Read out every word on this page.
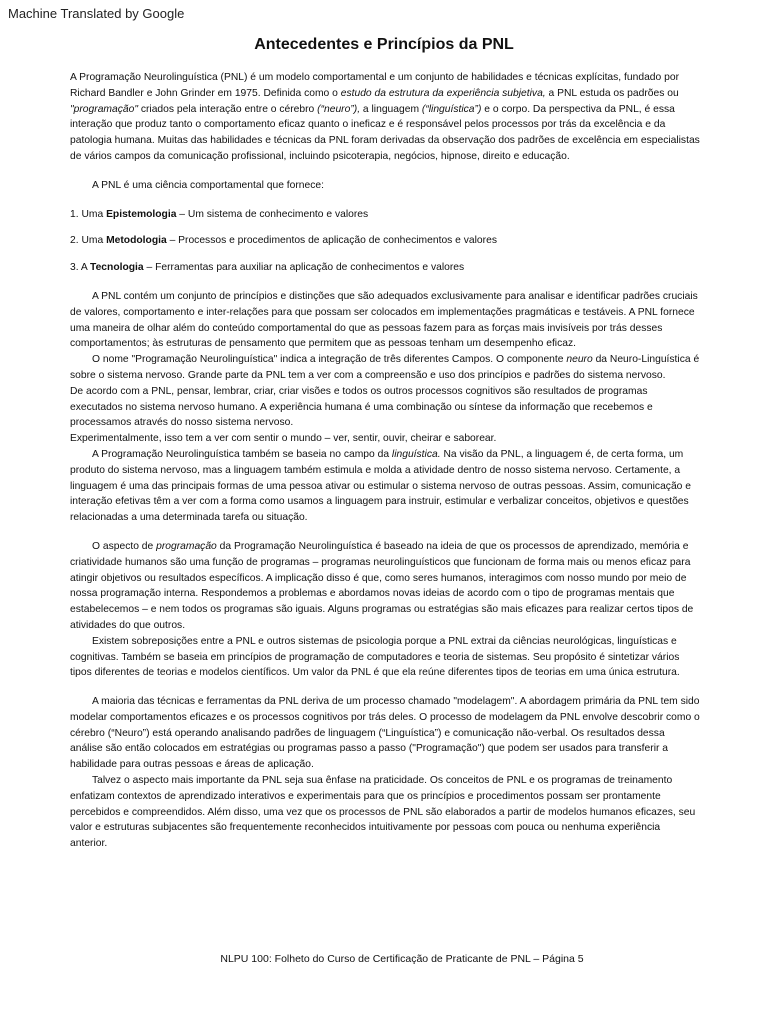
Machine Translated by Google
Antecedentes e Princípios da PNL

A Programação Neurolinguística (PNL) é um modelo comportamental e um conjunto de habilidades e técnicas explícitas, fundado por Richard Bandler e John Grinder em 1975. Definida como o estudo da estrutura da experiência subjetiva, a PNL estuda os padrões ou "programação" criados pela interação entre o cérebro (“neuro”), a linguagem (“linguística”) e o corpo. Da perspectiva da PNL, é essa interação que produz tanto o comportamento eficaz quanto o ineficaz e é responsável pelos processos por trás da excelência e da patologia humana. Muitas das habilidades e técnicas da PNL foram derivadas da observação dos padrões de excelência em especialistas de vários campos da comunicação profissional, incluindo psicoterapia, negócios, hipnose, direito e educação.

A PNL é uma ciência comportamental que fornece:

1. Uma Epistemologia – Um sistema de conhecimento e valores

2. Uma Metodologia – Processos e procedimentos de aplicação de conhecimentos e valores

3. A Tecnologia – Ferramentas para auxiliar na aplicação de conhecimentos e valores

A PNL contém um conjunto de princípios e distinções que são adequados exclusivamente para analisar e identificar padrões cruciais de valores, comportamento e inter-relações para que possam ser colocados em implementações pragmáticas e testáveis. A PNL fornece uma maneira de olhar além do conteúdo comportamental do que as pessoas fazem para as forças mais invisíveis por trás desses comportamentos; às estruturas de pensamento que permitem que as pessoas tenham um desempenho eficaz.

O nome "Programação Neurolinguística" indica a integração de três diferentes Campos. O componente neuro da Neuro-Linguística é sobre o sistema nervoso. Grande parte da PNL tem a ver com a compreensão e uso dos princípios e padrões do sistema nervoso.

De acordo com a PNL, pensar, lembrar, criar, criar visões e todos os outros processos cognitivos são resultados de programas executados no sistema nervoso humano. A experiência humana é uma combinação ou síntese da informação que recebemos e processamos através do nosso sistema nervoso.

Experimentalmente, isso tem a ver com sentir o mundo – ver, sentir, ouvir, cheirar e saborear.

A Programação Neurolinguística também se baseia no campo da linguística. Na visão da PNL, a linguagem é, de certa forma, um produto do sistema nervoso, mas a linguagem também estimula e molda a atividade dentro de nosso sistema nervoso. Certamente, a linguagem é uma das principais formas de uma pessoa ativar ou estimular o sistema nervoso de outras pessoas. Assim, comunicação e interação efetivas têm a ver com a forma como usamos a linguagem para instruir, estimular e verbalizar conceitos, objetivos e questões relacionadas a uma determinada tarefa ou situação.

O aspecto de programação da Programação Neurolinguística é baseado na ideia de que os processos de aprendizado, memória e criatividade humanos são uma função de programas – programas neurolinguísticos que funcionam de forma mais ou menos eficaz para atingir objetivos ou resultados específicos. A implicação disso é que, como seres humanos, interagimos com nosso mundo por meio de nossa programação interna. Respondemos a problemas e abordamos novas ideias de acordo com o tipo de programas mentais que estabelecemos – e nem todos os programas são iguais. Alguns programas ou estratégias são mais eficazes para realizar certos tipos de atividades do que outros.

Existem sobreposições entre a PNL e outros sistemas de psicologia porque a PNL extrai da ciências neurológicas, linguísticas e cognitivas. Também se baseia em princípios de programação de computadores e teoria de sistemas. Seu propósito é sintetizar vários tipos diferentes de teorias e modelos científicos. Um valor da PNL é que ela reúne diferentes tipos de teorias em uma única estrutura.

A maioria das técnicas e ferramentas da PNL deriva de um processo chamado "modelagem". A abordagem primária da PNL tem sido modelar comportamentos eficazes e os processos cognitivos por trás deles. O processo de modelagem da PNL envolve descobrir como o cérebro (“Neuro”) está operando analisando padrões de linguagem (“Linguística”) e comunicação não-verbal. Os resultados dessa análise são então colocados em estratégias ou programas passo a passo ("Programação") que podem ser usados para transferir a habilidade para outras pessoas e áreas de aplicação.

Talvez o aspecto mais importante da PNL seja sua ênfase na praticidade. Os conceitos de PNL e os programas de treinamento enfatizam contextos de aprendizado interativos e experimentais para que os princípios e procedimentos possam ser prontamente percebidos e compreendidos. Além disso, uma vez que os processos de PNL são elaborados a partir de modelos humanos eficazes, seu valor e estruturas subjacentes são frequentemente reconhecidos intuitivamente por pessoas com pouca ou nenhuma experiência anterior.

NLPU 100: Folheto do Curso de Certificação de Praticante de PNL – Página 5
